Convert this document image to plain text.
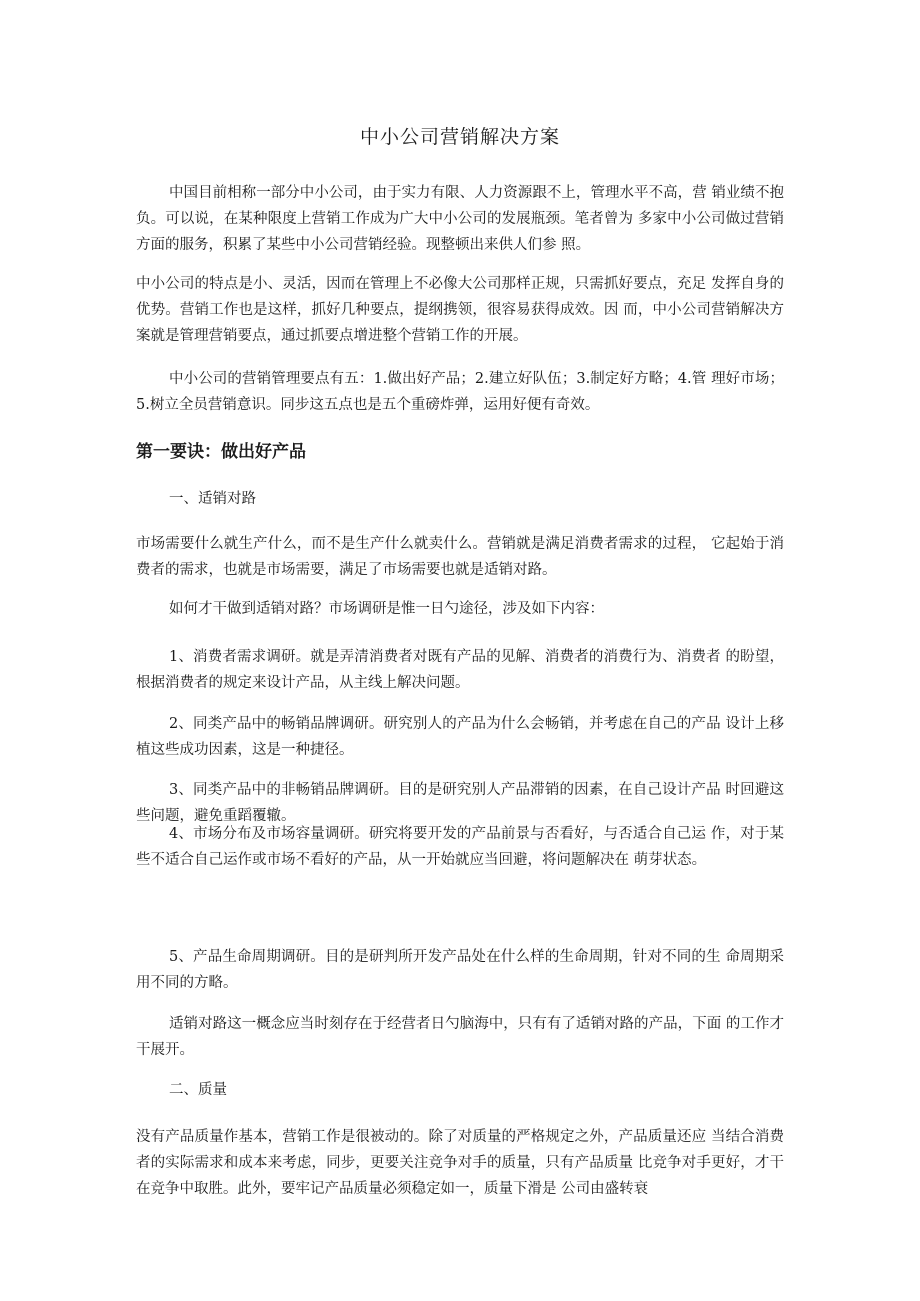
中小公司营销解决方案

中国目前相称一部分中小公司，由于实力有限、人力资源跟不上，管理水平不高，营 销业绩不抱负。可以说，在某种限度上营销工作成为广大中小公司的发展瓶颈。笔者曾为 多家中小公司做过营销方面的服务，积累了某些中小公司营销经验。现整顿出来供人们参 照。

中小公司的特点是小、灵活，因而在管理上不必像大公司那样正规，只需抓好要点，充足 发挥自身的优势。营销工作也是这样，抓好几种要点，提纲携领，很容易获得成效。因 而，中小公司营销解决方案就是管理营销要点，通过抓要点增进整个营销工作的开展。

中小公司的营销管理要点有五：1.做出好产品；2.建立好队伍；3.制定好方略；4.管 理好市场；5.树立全员营销意识。同步这五点也是五个重磅炸弹，运用好便有奇效。

第一要诀：做出好产品

一、适销对路

市场需要什么就生产什么，而不是生产什么就卖什么。营销就是满足消费者需求的过程， 它起始于消费者的需求，也就是市场需要，满足了市场需要也就是适销对路。

如何才干做到适销对路？市场调研是惟一日勺途径，涉及如下内容：

1、消费者需求调研。就是弄清消费者对既有产品的见解、消费者的消费行为、消费者 的盼望，根据消费者的规定来设计产品，从主线上解决问题。

2、同类产品中的畅销品牌调研。研究别人的产品为什么会畅销，并考虑在自己的产品 设计上移植这些成功因素，这是一种捷径。

3、同类产品中的非畅销品牌调研。目的是研究别人产品滞销的因素，在自己设计产品 时回避这些问题，避免重蹈覆辙。

4、市场分布及市场容量调研。研究将要开发的产品前景与否看好，与否适合自己运 作，对于某些不适合自己运作或市场不看好的产品，从一开始就应当回避，将问题解决在 萌芽状态。

5、产品生命周期调研。目的是研判所开发产品处在什么样的生命周期，针对不同的生 命周期采用不同的方略。

适销对路这一概念应当时刻存在于经营者日勺脑海中，只有有了适销对路的产品，下面 的工作才干展开。

二、质量

没有产品质量作基本，营销工作是很被动的。除了对质量的严格规定之外，产品质量还应 当结合消费者的实际需求和成本来考虑，同步，更要关注竞争对手的质量，只有产品质量 比竞争对手更好，才干在竞争中取胜。此外，要牢记产品质量必须稳定如一，质量下滑是 公司由盛转衰
